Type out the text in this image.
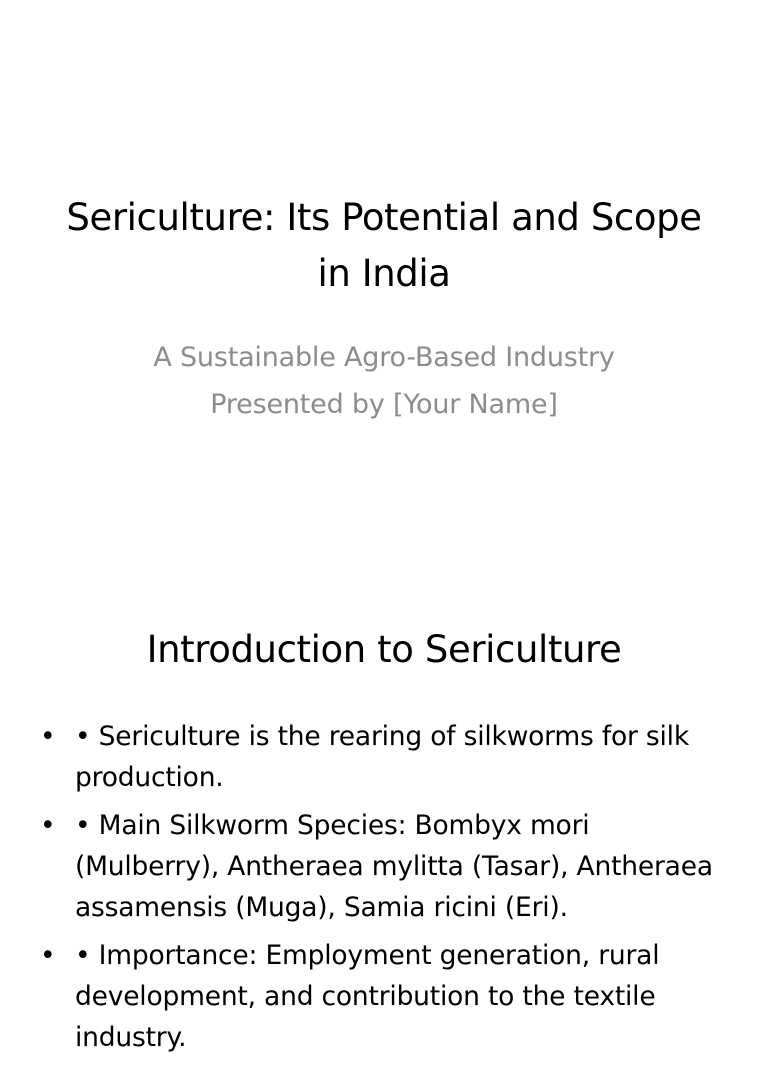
Sericulture: Its Potential and Scope in India
A Sustainable Agro-Based Industry
Presented by [Your Name]
Introduction to Sericulture
• • Sericulture is the rearing of silkworms for silk production.
• • Main Silkworm Species: Bombyx mori (Mulberry), Antheraea mylitta (Tasar), Antheraea assamensis (Muga), Samia ricini (Eri).
• • Importance: Employment generation, rural development, and contribution to the textile industry.
